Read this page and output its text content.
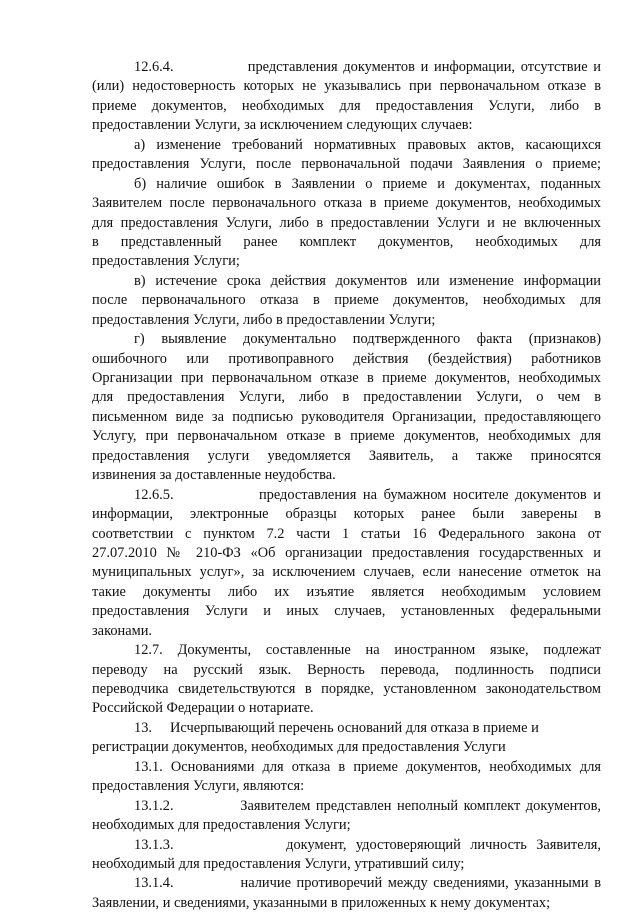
12.6.4.             представления документов и информации, отсутствие и
(или) недостоверность которых не указывались при первоначальном отказе в
приеме документов, необходимых для предоставления Услуги, либо в
предоставлении Услуги, за исключением следующих случаев:
а) изменение требований нормативных правовых актов, касающихся
предоставления Услуги, после первоначальной подачи Заявления о приеме;
б) наличие ошибок в Заявлении о приеме и документах, поданных
Заявителем после первоначального отказа в приеме документов, необходимых
для предоставления Услуги, либо в предоставлении Услуги и не включенных
в представленный ранее комплект документов, необходимых для
предоставления Услуги;
в) истечение срока действия документов или изменение информации
после первоначального отказа в приеме документов, необходимых для
предоставления Услуги, либо в предоставлении Услуги;
г) выявление документально подтвержденного факта (признаков)
ошибочного или противоправного действия (бездействия) работников
Организации при первоначальном отказе в приеме документов, необходимых
для предоставления Услуги, либо в предоставлении Услуги, о чем в
письменном виде за подписью руководителя Организации, предоставляющего
Услугу, при первоначальном отказе в приеме документов, необходимых для
предоставления услуги уведомляется Заявитель, а также приносятся
извинения за доставленные неудобства.
12.6.5.             предоставления на бумажном носителе документов и
информации, электронные образцы которых ранее были заверены в
соответствии с пунктом 7.2 части 1 статьи 16 Федерального закона от
27.07.2010 № 210-ФЗ «Об организации предоставления государственных и
муниципальных услуг», за исключением случаев, если нанесение отметок на
такие документы либо их изъятие является необходимым условием
предоставления Услуги и иных случаев, установленных федеральными
законами.
12.7. Документы, составленные на иностранном языке, подлежат
переводу на русский язык. Верность перевода, подлинность подписи
переводчика свидетельствуются в порядке, установленном законодательством
Российской Федерации о нотариате.
13.     Исчерпывающий перечень оснований для отказа в приеме и
регистрации документов, необходимых для предоставления Услуги
13.1. Основаниями для отказа в приеме документов, необходимых для
предоставления Услуги, являются:
13.1.2.            Заявителем представлен неполный комплект документов,
необходимых для предоставления Услуги;
13.1.3.            документ, удостоверяющий личность Заявителя,
необходимый для предоставления Услуги, утративший силу;
13.1.4.            наличие противоречий между сведениями, указанными в
Заявлении, и сведениями, указанными в приложенных к нему документах;
